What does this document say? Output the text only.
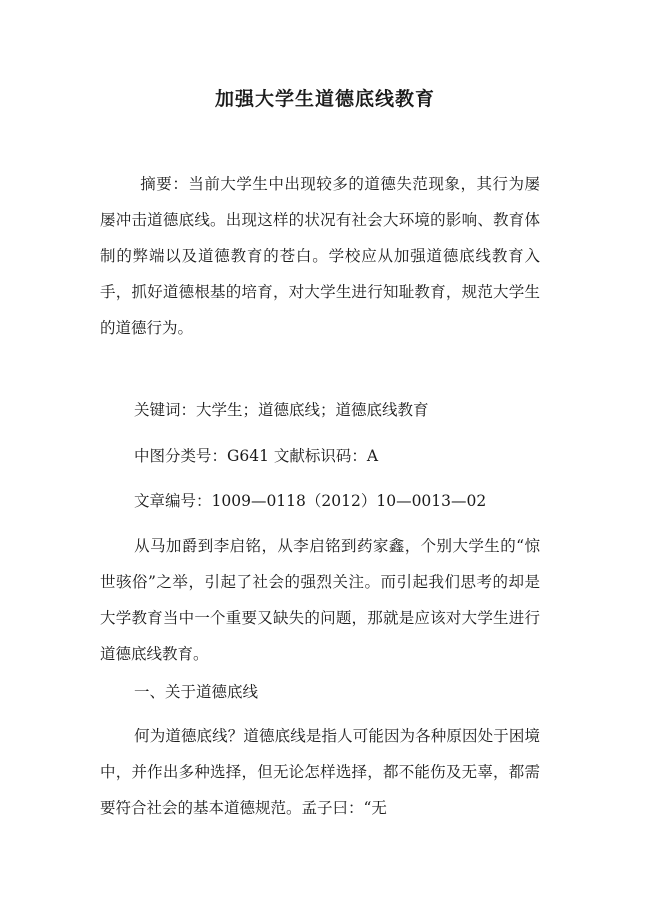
加强大学生道德底线教育

摘要：当前大学生中出现较多的道德失范现象，其行为屡屡冲击道德底线。出现这样的状况有社会大环境的影响、教育体制的弊端以及道德教育的苍白。学校应从加强道德底线教育入手，抓好道德根基的培育，对大学生进行知耻教育，规范大学生的道德行为。

关键词：大学生；道德底线；道德底线教育
中图分类号：G641 文献标识码：A
文章编号：1009—0118（2012）10—0013—02

从马加爵到李启铭，从李启铭到药家鑫，个别大学生的“惊世骇俗”之举，引起了社会的强烈关注。而引起我们思考的却是大学教育当中一个重要又缺失的问题，那就是应该对大学生进行道德底线教育。

一、关于道德底线

何为道德底线？道德底线是指人可能因为各种原因处于困境中，并作出多种选择，但无论怎样选择，都不能伤及无辜，都需要符合社会的基本道德规范。孟子曰：“无
